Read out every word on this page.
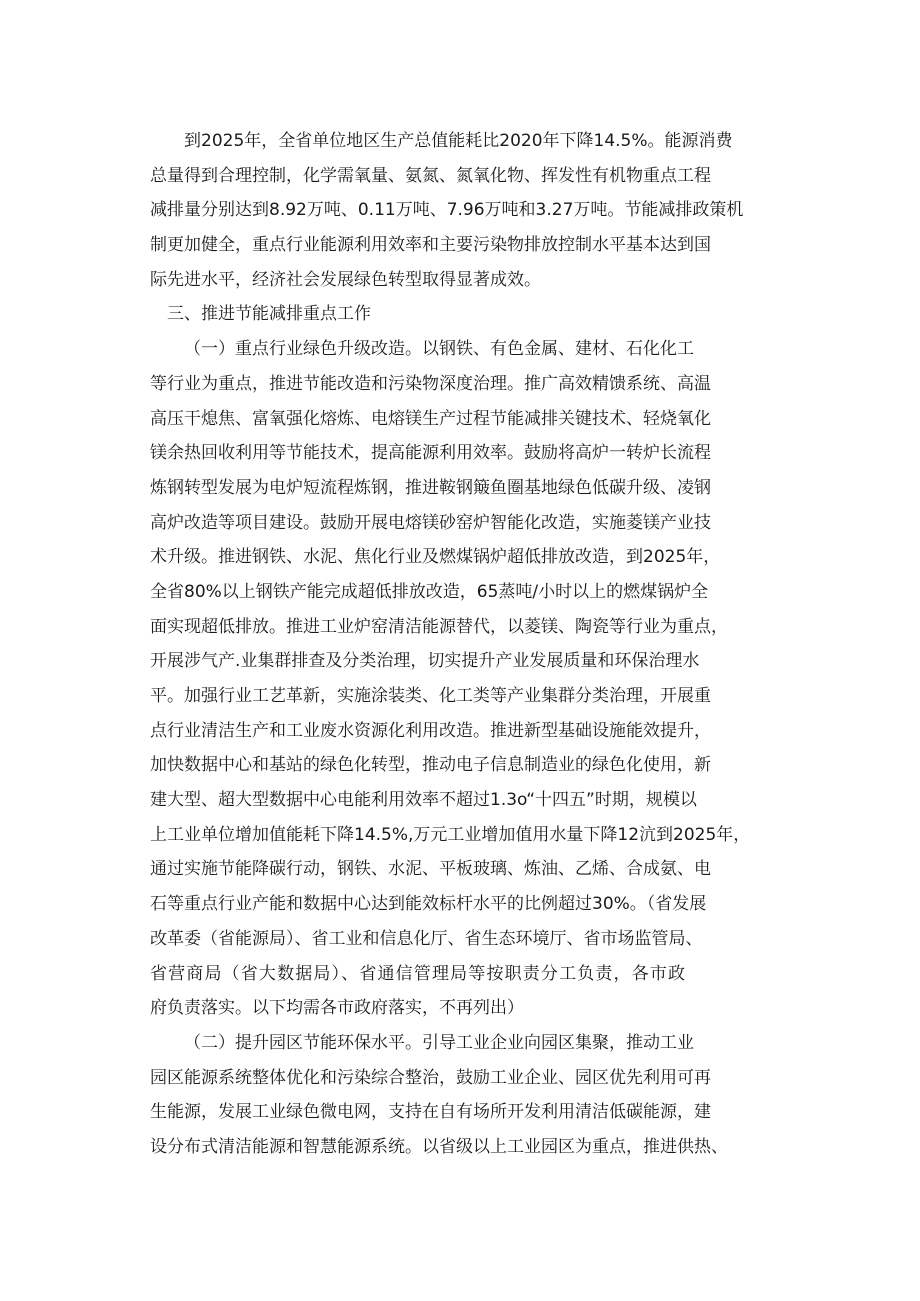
到2025年，全省单位地区生产总值能耗比2020年下降14.5%。能源消费
总量得到合理控制，化学需氧量、氨氮、氮氧化物、挥发性有机物重点工程
减排量分别达到8.92万吨、0.11万吨、7.96万吨和3.27万吨。节能减排政策机
制更加健全，重点行业能源利用效率和主要污染物排放控制水平基本达到国
际先进水平，经济社会发展绿色转型取得显著成效。
三、推进节能减排重点工作
（一）重点行业绿色升级改造。以钢铁、有色金属、建材、石化化工
等行业为重点，推进节能改造和污染物深度治理。推广高效精馈系统、高温
高压干熄焦、富氧强化熔炼、电熔镁生产过程节能减排关键技术、轻烧氧化
镁余热回收利用等节能技术，提高能源利用效率。鼓励将高炉一转炉长流程
炼钢转型发展为电炉短流程炼钢，推进鞍钢簸鱼圈基地绿色低碳升级、凌钢
高炉改造等项目建设。鼓励开展电熔镁砂窑炉智能化改造，实施菱镁产业技
术升级。推进钢铁、水泥、焦化行业及燃煤锅炉超低排放改造，到2025年，
全省80%以上钢铁产能完成超低排放改造，65蒸吨/小时以上的燃煤锅炉全
面实现超低排放。推进工业炉窑清洁能源替代，以菱镁、陶瓷等行业为重点，
开展涉气产.业集群排查及分类治理，切实提升产业发展质量和环保治理水
平。加强行业工艺革新，实施涂装类、化工类等产业集群分类治理，开展重
点行业清洁生产和工业废水资源化利用改造。推进新型基础设施能效提升，
加快数据中心和基站的绿色化转型，推动电子信息制造业的绿色化使用，新
建大型、超大型数据中心电能利用效率不超过1.3o“十四五”时期，规模以
上工业单位增加值能耗下降14.5%,万元工业增加值用水量下降12沆到2025年，
通过实施节能降碳行动，钢铁、水泥、平板玻璃、炼油、乙烯、合成氨、电
石等重点行业产能和数据中心达到能效标杆水平的比例超过30%。（省发展
改革委（省能源局）、省工业和信息化厅、省生态环境厅、省市场监管局、
省营商局（省大数据局）、省通信管理局等按职责分工负责，各市政
府负责落实。以下均需各市政府落实，不再列出）
（二）提升园区节能环保水平。引导工业企业向园区集聚，推动工业
园区能源系统整体优化和污染综合整治，鼓励工业企业、园区优先利用可再
生能源，发展工业绿色微电网，支持在自有场所开发利用清洁低碳能源，建
设分布式清洁能源和智慧能源系统。以省级以上工业园区为重点，推进供热、
